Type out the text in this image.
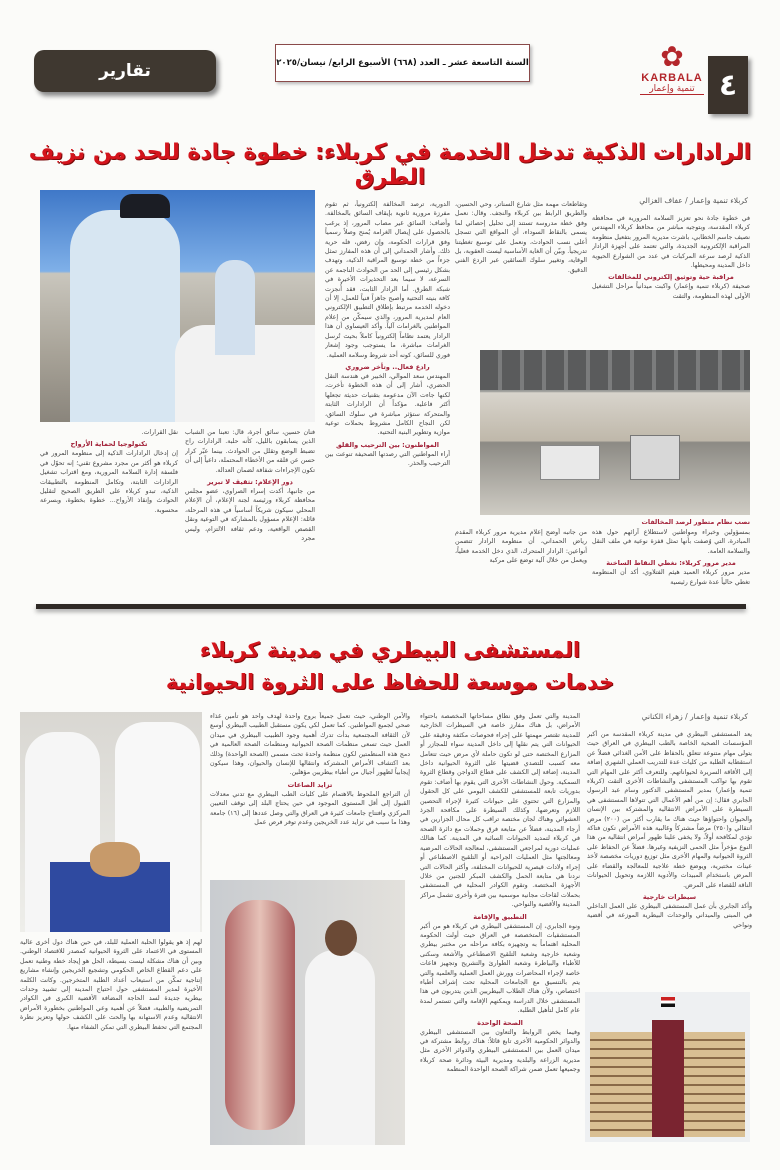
٤
✿
KARBALA
تنمية وإعمار
السنة التاسعة عشر ـ العدد (٦٦٨) الأسبوع الرابع/ نيسان/٢٠٢٥
تقارير
الرادارات الذكية تدخل الخدمة في كربلاء: خطوة جادة للحد من نزيف الطرق
كربلاء تنمية وإعمار / عفاف الغزالي

في خطوة جادة نحو تعزيز السلامة المرورية في محافظة كربلاء المقدسة، وبتوجيه مباشر من محافظ كربلاء المهندس نصيف جاسم الخطابي، باشرت مديرية المرور بتفعيل منظومة المراقبة الإلكترونية الجديدة، والتي تعتمد على أجهزة الرادار الذكية لرصد سرعة المركبات في عدد من الشوارع الحيوية داخل المدينة ومحيطها.

مراقبة حية وتوثيق إلكتروني للمخالفات

صحيفة (كربلاء تنمية وإعمار) واكبت ميدانياً مراحل التشغيل الأولى لهذه المنظومة، والتقت

وتقاطعات مهمة مثل شارع السناتر، وحي الحسين، والطريق الرابط بين كربلاء والنجف. وقال: نعمل وفق خطة مدروسة تستند إلى تحليل إحصائي لما يسمى بالنقاط السوداء، أي المواقع التي تسجل أعلى نسب الحوادث، ونعمل على توسيع تغطيتنا تدريجياً. وبيّن أن الغاية الأساسية ليست العقوبة، بل الوقاية، وتغيير سلوك السائقين عبر الردع الفني الدقيق.

نصب نظام متطور لرصد المخالفات

بمسؤولين وخبراء ومواطنين لاستطلاع آرائهم حول هذه المبادرة، التي وُصفت بأنها تمثل قفزة نوعية في ملف النقل والسلامة العامة.

مدير مرور كربلاء: نغطي النقاط الساخنة

مدير مرور كربلاء العميد هيثم الفتلاوي، أكد أن المنظومة تغطي حالياً عدة شوارع رئيسية

من جانبه أوضح إعلام مديرية مرور كربلاء المقدم رياض الحمداني، أن منظومة الرادار تتضمن أنواعين: الرادار المتحرك، الذي دخل الخدمة فعلياً، ويعمل من خلال آلية توضع على مركبة

الدورية، ترصد المخالفة إلكترونياً، ثم تقوم مفرزة مرورية ثانوية بإيقاف السائق بالمخالفة. وأضاف: السائق غير مصاب المرور، إذ يرغب بالحصول على إيصال الغرامة يُمنح وصلاً رسمياً وفق قرارات الحكومة، وإن رفض، فله حرية ذلك. وأشار الحمداني إلى أن هذه المفارز تمثل جزءاً من خطة توسيع المراقبة الذكية، وتهدف بشكل رئيسي إلى الحد من الحوادث الناجمة عن السرعة، لا سيما بعد التحذيرات الأخيرة في شبكة الطرق. أما الرادار الثابت، فقد أُنجزت كافة بنيته التحتية وأصبح جاهزاً فنياً للعمل، إلا أن دخوله الخدمة مرتبط بإطلاق التطبيق الإلكتروني العام لمديرية المرور، والذي سيمكّن من إعلام المواطنين بالغرامات آلياً. وأكد العيساوي أن هذا الرادار يعتمد نظاماً إلكترونياً كاملاً بحيث تُرسل الغرامات مباشرة، ما يستوجب وجود إشعار فوري للسائق، كونه أحد شروط وسلامة العملية.

رادع فعال.. وتأخر ضروري

المهندس سعد الموالي، الخبير في هندسة النقل الحضري، أشار إلى أن هذه الخطوة تأخرت، لكنها جاءت الآن مدعومة بتقنيات حديثة تجعلها أكثر فاعلية. مؤكداً أن الرادارات الثابتة والمتحركة ستؤثر مباشرة في سلوك السائق، لكن النجاح الكامل مشروط بحملات توعية موازية وتطوير البنية التحتية.

المواطنون: بين الترحيب والقلق

آراء المواطنين التي رصدتها الصحيفة تنوعت بين الترحيب والحذر.

فنان حسين، سائق أجرة، قال: تعبنا من الشباب الذين يسابقون بالليل، كأنه حلبة. الرادارات راح تضبط الوضع وتقلل من الحوادث. بينما عبّر كرار حسن عن قلقه من الأخطاء المحتملة، داعياً إلى أن تكون الإجراءات شفافة لضمان العدالة.

دور الإعلام: تثقيف لا تبرير

من جانبها، أكدت إسراء الصراوي، عضو مجلس محافظة كربلاء ورئيسة لجنة الإعلام، أن الإعلام المحلي سيكون شريكاً أساسياً في هذه المرحلة، قائلة: الإعلام مسؤول بالمشاركة في التوعية ونقل القصص الواقعية، ودعم ثقافة الالتزام، وليس مجرد

نقل القرارات.

تكنولوجيا لحماية الأرواح

إن إدخال الرادارات الذكية إلى منظومة المرور في كربلاء هو أكثر من مجرد مشروع تقني؛ إنه تحوّل في فلسفة إدارة السلامة المرورية، ومع اقتراب تشغيل الرادارات الثابتة، وتكامل المنظومة بالتطبيقات الذكية، تبدو كربلاء على الطريق الصحيح لتقليل الحوادث وإنقاذ الأرواح... خطوة بخطوة، وبسرعة محسوبة.

المستشفى البيطري في مدينة كربلاء
خدمات موسعة للحفاظ على الثروة الحيوانية
كربلاء تنمية وإعمار / زهراء الكناني

يعد المستشفى البيطري في مدينة كربلاء المقدسة من أكبر المؤسسات الصحية الخاصة بالطب البيطري في العراق حيث يتولى مهام متنوعة تتعلق بالحفاظ على الأمن الغذائي فضلاً عن استقطابه الطلبة من كليات عدة للتدريب العملي الشهري إضافة إلى الأقاقة السريرة لحيواناتهم. وللتعرف أكثر على المهام التي تقوم بها تواكب المستشفى والنشاطات الأخرى التقت (كربلاء تنمية وإعمار) بمدير المستشفى الدكتور وسام عبد الرسول الجابري فقال: إن من أهم الأعمال التي تتولاها المستشفى هي السيطرة على الأمراض الانتقالية والمشتركة بين الإنسان والحيوان واحتواؤها حيث هناك ما يقارب أكثر من (٢٠٠) مرض انتقالي و(٢٥٠) مرضاً مشتركاً وغالبية هذه الأمراض تكون فتاكة تؤدي لمكافحة أولاً، ولا يخفى علينا ظهور أمراض انتقالية من هذا النوع مؤخراً مثل الحمى النزيفية وغيرها. فضلاً عن الحفاظ على الثروة الحيوانية والمهام الأخرى مثل توزيع دوريات مخصصة لأخذ عينات مختبرية، ويوضع خطة علاجية للمعالجة والقضاء على المرض باستخدام المبيدات والأدوية اللازمة وتحويل الحيوانات الناقة للقضاء على المرض.

سيطرات خارجية

وأكد الجابري بأن عمل المستشفى البيطري على العمل الداخلي في المبنى والميداني والوحدات البيطرية الموزعة في أقضية ونواحي

المدينة والتي تعمل وفق نطاق مساحاتها المخصصة باحتواء الأمراض، بل هناك مفارز خاصة في السيطرات الخارجية للمدينة تقتصر مهمتها على إجراء فحوصات مكثفة ودقيقة على الحيوانات التي يتم نقلها إلى داخل المدينة سواء للمجازر أو المزارع المختصة حتى لو تكون حاملة لأي مرض حيث تتعامل معه كسبب للتصدي قضيتها على الثروة الحيوانية داخل المدينة، إضافة إلى الكشف على قطاع الدواجن وقطاع الثروة السمكية. وحول النشاطات الأخرى التي يقوم بها أضاف: تقوم بدوريات تابعة للمستشفى للكشف اليومي على كل الحقول والمزارع التي تحتوي على حيوانات كثيرة لإجراء التحصين اللازم وتعرضها، وكذلك السيطرة على مكافحة الجرذ العشوائي وهناك لجان مختصة تراقب كل محال الجزارين في أرجاء المدينة، فضلاً عن متابعة فرق وحملات مع دائرة الصحة في كربلاء لتمديد الحيوانات السائبة في المدينة. كما هنالك عمليات دورية لمراجعي المستشفى، لمعالجة الحالات المرضية ومعالجتها مثل العمليات الجراحية أو التلقيح الاصطناعي أو إجراء ولادات قيصرية للحيوانات المختلفة، وأكثر الحالات التي نردنا هي متابعة الحمل والكشف المبكر للجنين من خلال الأجهزة المختصة. وتقوم الكوادر المحلية في المستشفى بحملات لقاحات مجانية موسمية بين فترة وأخرى تشمل مراكز المدينة والأقضية والنواحي.

التطبيق والإقامة

ونوه الجابري، إن المستشفى البيطري في كربلاء هو من أكبر المستشفيات المتخصصة في العراق حيث أولت الحكومة المحلية اهتماماً به وتجهيزه بكافة مراحله من مختبر بيطري وشعبة خارجية وشعبة التلقيح الاصطناعي والأشعة وسكنى للأطباء والبياطرة وشعبة الطوارئ والتشريح وتجهيز قاعات خاصة لإجراء المحاضرات وورش العمل العملية والعلمية والتي يتم بالتنسيق مع الجامعات المحلية تحت إشراف أطباء اختصاص، ولأن هناك الطلاب البيطريين الذين يتدربون في هذا المستشفى خلال الدراسة ويمكنهم الإقامة والتي تستمر لمدة عام كامل لتأهيل الطلبة.

الصحة الواحدة

وفيما يخص الروابط والتعاون بين المستشفى البيطري والدوائر الحكومية الأخرى تابع قائلاً: هناك روابط مشتركة في ميدان العمل بين المستشفى البيطري والدوائر الأخرى مثل مديرية الزراعة والبلدية ومديرية البيئة ودائرة صحة كربلاء وجميعها تعمل ضمن شراكة الصحة الواحدة المنظمة

والأمن الوطني، حيث تعمل جميعاً بروح واحدة لهدف واحد هو تأمين غذاء صحي لجميع المواطنين. كما تعمل لكي يكون مستقبل الطبيب البيطري أوسع لأن الثقافة المجتمعية بدأت تدرك أهمية وجود الطبيب البيطري في ميدان العمل حيث تسعى منظمات الصحة الحيوانية ومنظمات الصحة العالمية في دمج هذه المنظمتين لكون منظمة واحدة تحت مسمى (الصحة الواحدة) وذلك بعد اكتشاف الأمراض المشتركة وانتقالها للإنسان والحيوان، وهذا سيكون إيجابياً لظهور أجيال من أطباء بيطريين مؤهلين.

تزايد الصاعات

أن التراجع الملحوظ بالاهتمام على كليات الطب البيطري مع تدني معدلات القبول إلى أقل المستوى الموجود في حين يحتاج البلد إلى توقف التعيين المركزي وافتتاح جامعات كثيرة في العراق والتي وصل عددها إلى (١٦) جامعة وهذا ما سبب في تزايد عدد الخريجين وعدم توفر فرص عمل

لهم إذ هو يقولوا الحلبة العملية للبلد، في حين هناك دول أخرى عالية المستوى في الاعتماد على الثروة الحيوانية كمصدر للاقتصاد الوطني. وبين أن هناك مشكلة ليست بسيطة، الحل هو إيجاد خطة وطنية تعمل على دعم القطاع الخاص الحكومي وتشجيع الخريجين وإنشاء مشاريع إنتاجية تمكّن من استيعاب أعداد الطلبة المتخرجين. وكانت الكلمة الأخيرة لمدير المستشفى حول احتياج المدينة إلى تشييد وحدات بيطرية جديدة لسد الحاجة المضافة الأقضية الكبرى في الكوادر التمريضية والطبية، فضلاً عن أهمية وعي المواطنين بخطورة الأمراض الانتقالية وعدم الاستهانة بها والحث على الكشف حولها وتعزيز نظرة المجتمع التي تحفظ البيطري التي تمكن الشفاء منها.
